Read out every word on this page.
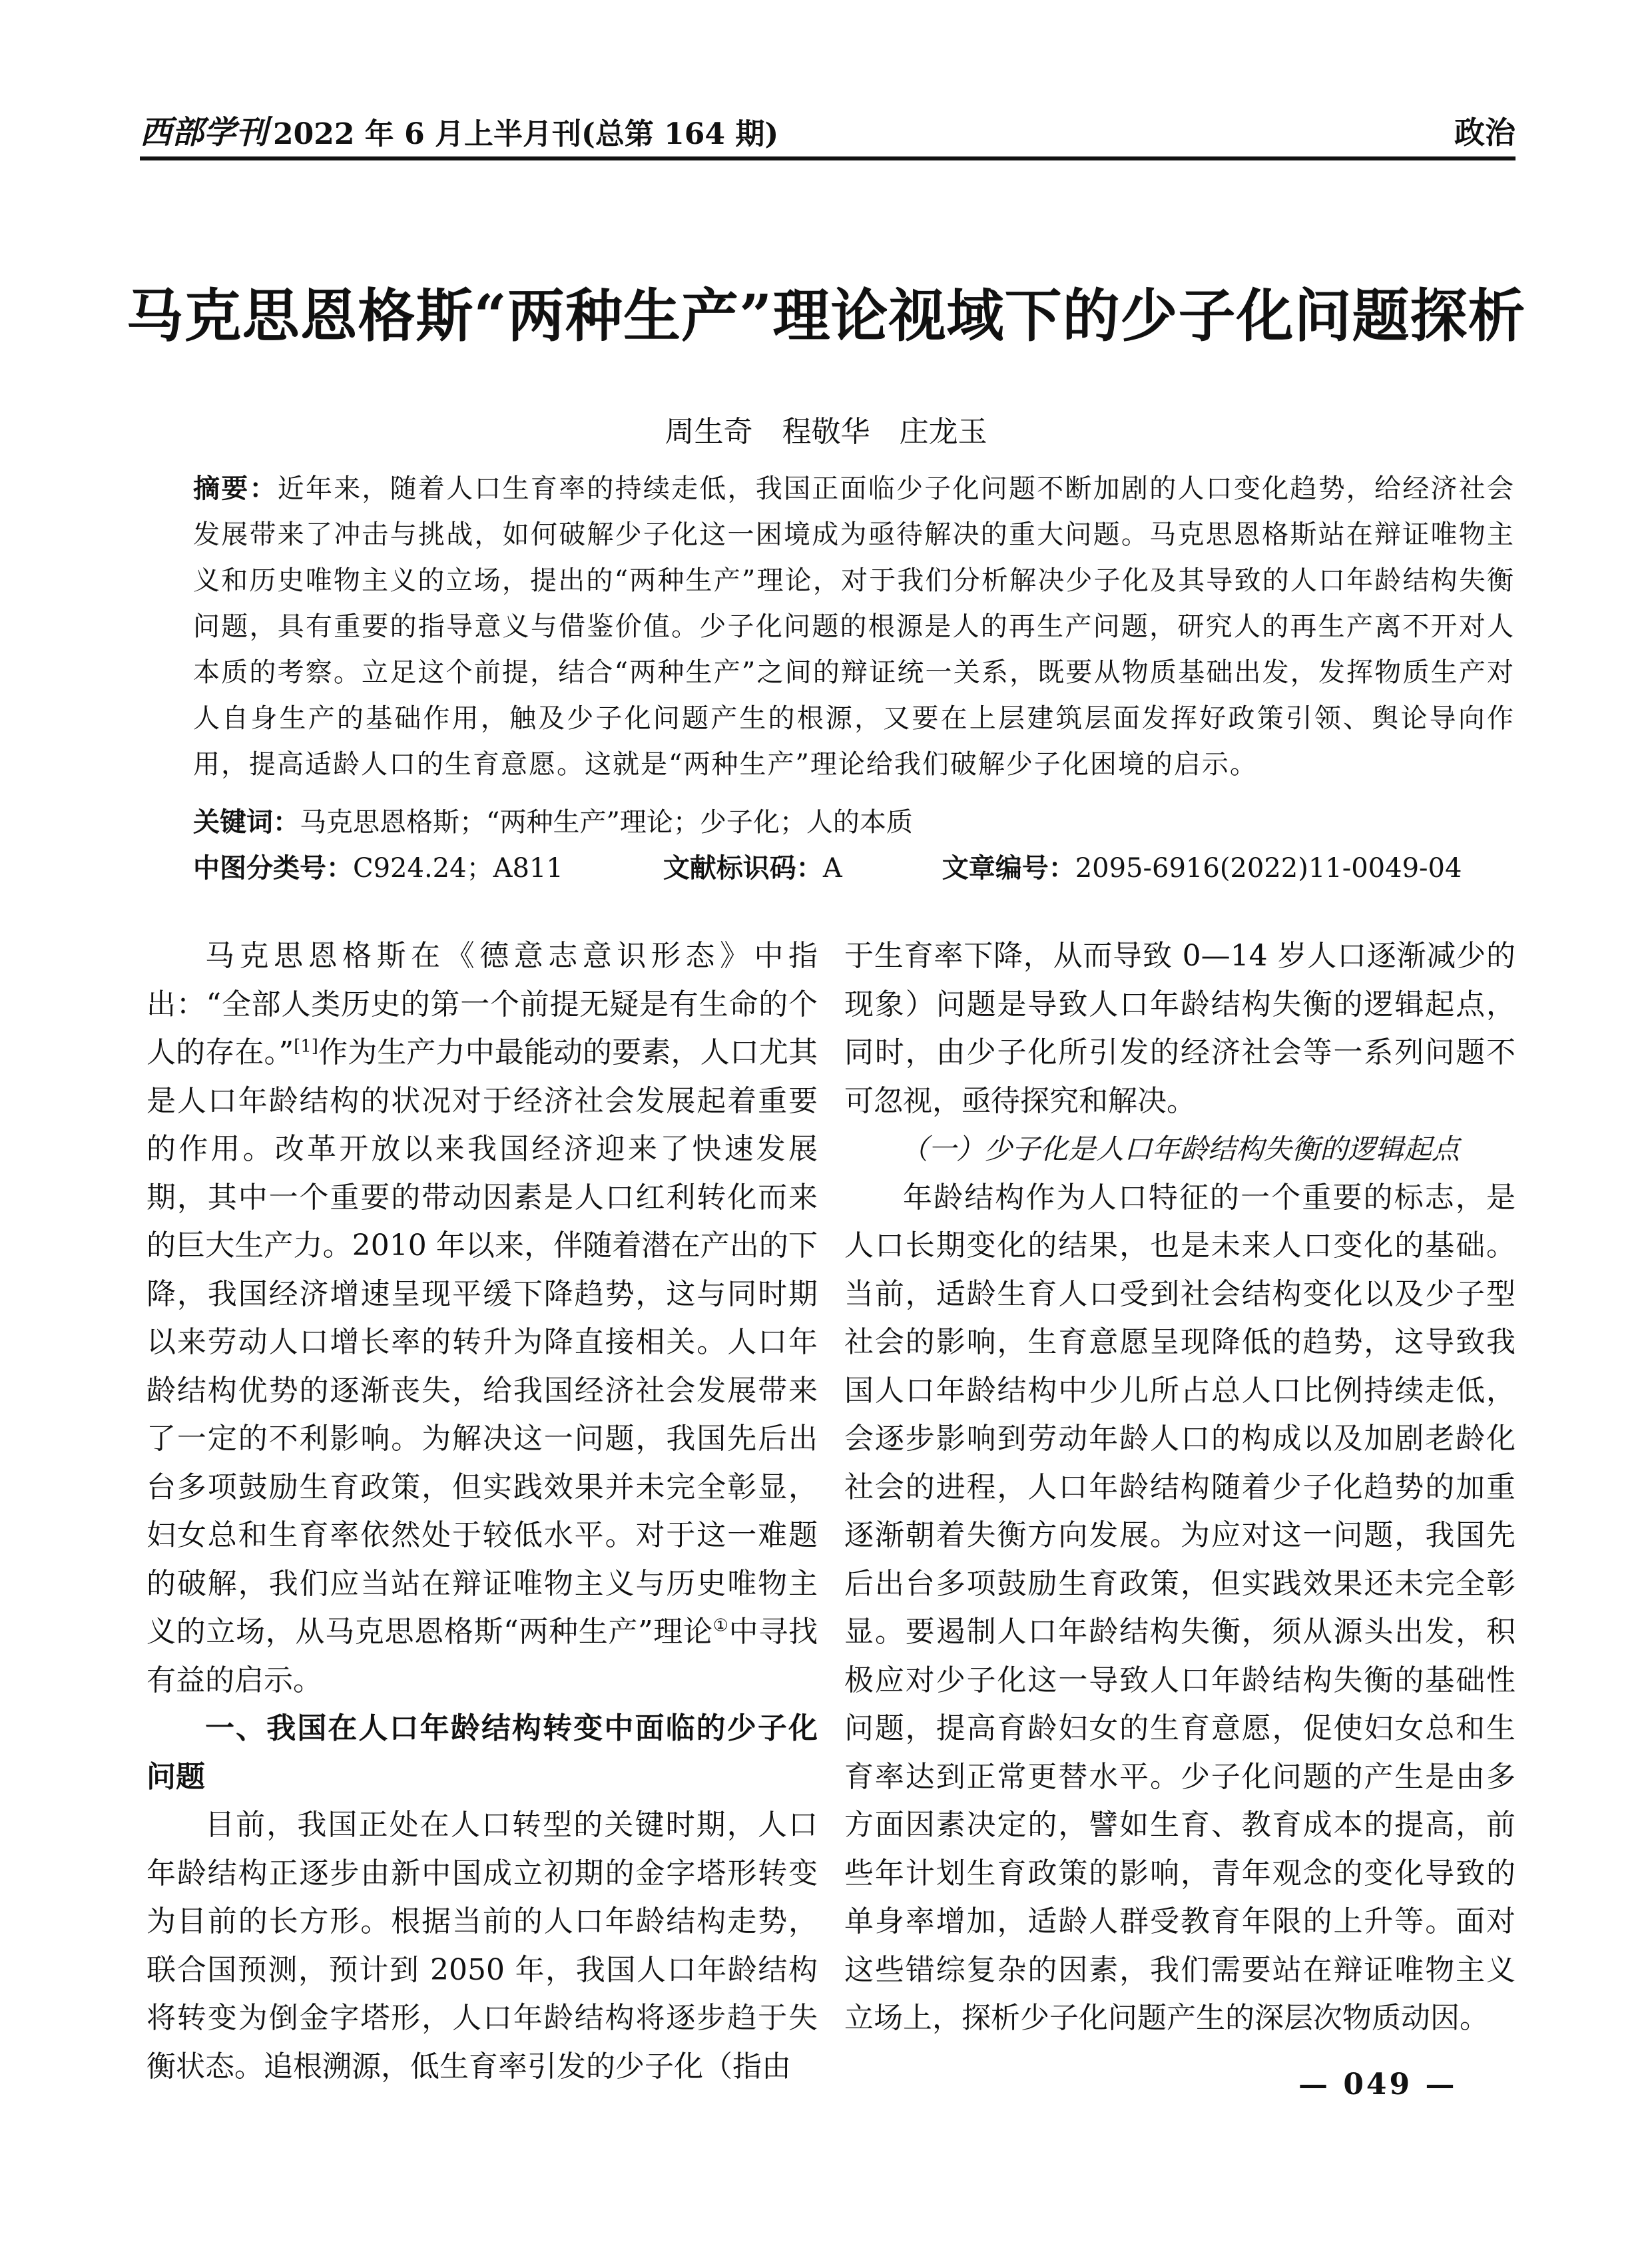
西部学刊 2022 年 6 月上半月刊(总第 164 期)	政治
马克思恩格斯“两种生产”理论视域下的少子化问题探析
周生奇　程敬华　庄龙玉
摘要：近年来，随着人口生育率的持续走低，我国正面临少子化问题不断加剧的人口变化趋势，给经济社会发展带来了冲击与挑战，如何破解少子化这一困境成为亟待解决的重大问题。马克思恩格斯站在辩证唯物主义和历史唯物主义的立场，提出的“两种生产”理论，对于我们分析解决少子化及其导致的人口年龄结构失衡问题，具有重要的指导意义与借鉴价值。少子化问题的根源是人的再生产问题，研究人的再生产离不开对人本质的考察。立足这个前提，结合“两种生产”之间的辩证统一关系，既要从物质基础出发，发挥物质生产对人自身生产的基础作用，触及少子化问题产生的根源，又要在上层建筑层面发挥好政策引领、舆论导向作用，提高适龄人口的生育意愿。这就是“两种生产”理论给我们破解少子化困境的启示。
关键词：马克思恩格斯；“两种生产”理论；少子化；人的本质
中图分类号：C924.24；A811	文献标识码：A	文章编号：2095-6916(2022)11-0049-04

马克思恩格斯在《德意志意识形态》中指出：“全部人类历史的第一个前提无疑是有生命的个人的存在。”[1]作为生产力中最能动的要素，人口尤其是人口年龄结构的状况对于经济社会发展起着重要的作用。改革开放以来我国经济迎来了快速发展期，其中一个重要的带动因素是人口红利转化而来的巨大生产力。2010 年以来，伴随着潜在产出的下降，我国经济增速呈现平缓下降趋势，这与同时期以来劳动人口增长率的转升为降直接相关。人口年龄结构优势的逐渐丧失，给我国经济社会发展带来了一定的不利影响。为解决这一问题，我国先后出台多项鼓励生育政策，但实践效果并未完全彰显，妇女总和生育率依然处于较低水平。对于这一难题的破解，我们应当站在辩证唯物主义与历史唯物主义的立场，从马克思恩格斯“两种生产”理论①中寻找有益的启示。

一、我国在人口年龄结构转变中面临的少子化问题

目前，我国正处在人口转型的关键时期，人口年龄结构正逐步由新中国成立初期的金字塔形转变为目前的长方形。根据当前的人口年龄结构走势，联合国预测，预计到 2050 年，我国人口年龄结构将转变为倒金字塔形，人口年龄结构将逐步趋于失衡状态。追根溯源，低生育率引发的少子化（指由

于生育率下降，从而导致 0—14 岁人口逐渐减少的现象）问题是导致人口年龄结构失衡的逻辑起点，同时，由少子化所引发的经济社会等一系列问题不可忽视，亟待探究和解决。

（一）少子化是人口年龄结构失衡的逻辑起点

年龄结构作为人口特征的一个重要的标志，是人口长期变化的结果，也是未来人口变化的基础。当前，适龄生育人口受到社会结构变化以及少子型社会的影响，生育意愿呈现降低的趋势，这导致我国人口年龄结构中少儿所占总人口比例持续走低，会逐步影响到劳动年龄人口的构成以及加剧老龄化社会的进程，人口年龄结构随着少子化趋势的加重逐渐朝着失衡方向发展。为应对这一问题，我国先后出台多项鼓励生育政策，但实践效果还未完全彰显。要遏制人口年龄结构失衡，须从源头出发，积极应对少子化这一导致人口年龄结构失衡的基础性问题，提高育龄妇女的生育意愿，促使妇女总和生育率达到正常更替水平。少子化问题的产生是由多方面因素决定的，譬如生育、教育成本的提高，前些年计划生育政策的影响，青年观念的变化导致的单身率增加，适龄人群受教育年限的上升等。面对这些错综复杂的因素，我们需要站在辩证唯物主义立场上，探析少子化问题产生的深层次物质动因。

— 049 —
